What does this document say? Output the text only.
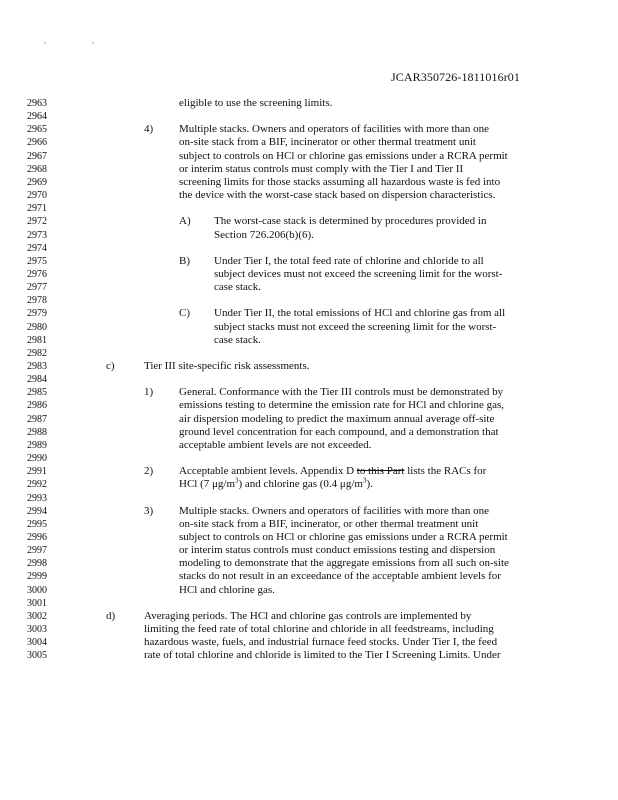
, ,
JCAR350726-1811016r01
2963	eligible to use the screening limits.
2964
2965	4) Multiple stacks. Owners and operators of facilities with more than one
2966	on-site stack from a BIF, incinerator or other thermal treatment unit
2967	subject to controls on HCl or chlorine gas emissions under a RCRA permit
2968	or interim status controls must comply with the Tier I and Tier II
2969	screening limits for those stacks assuming all hazardous waste is fed into
2970	the device with the worst-case stack based on dispersion characteristics.
2971
2972	A) The worst-case stack is determined by procedures provided in
2973	Section 726.206(b)(6).
2974
2975	B) Under Tier I, the total feed rate of chlorine and chloride to all
2976	subject devices must not exceed the screening limit for the worst-
2977	case stack.
2978
2979	C) Under Tier II, the total emissions of HCl and chlorine gas from all
2980	subject stacks must not exceed the screening limit for the worst-
2981	case stack.
2982
2983	c)	Tier III site-specific risk assessments.
2984
2985	1) General. Conformance with the Tier III controls must be demonstrated by
2986	emissions testing to determine the emission rate for HCl and chlorine gas,
2987	air dispersion modeling to predict the maximum annual average off-site
2988	ground level concentration for each compound, and a demonstration that
2989	acceptable ambient levels are not exceeded.
2990
2991	2) Acceptable ambient levels. Appendix D to this Part lists the RACs for
2992	HCl (7 $\mu g/m^3$) and chlorine gas (0.4 $\mu g/m^3$).
2993
2994	3) Multiple stacks. Owners and operators of facilities with more than one
2995	on-site stack from a BIF, incinerator, or other thermal treatment unit
2996	subject to controls on HCl or chlorine gas emissions under a RCRA permit
2997	or interim status controls must conduct emissions testing and dispersion
2998	modeling to demonstrate that the aggregate emissions from all such on-site
2999	stacks do not result in an exceedance of the acceptable ambient levels for
3000	HCl and chlorine gas.
3001
3002	d)	Averaging periods. The HCl and chlorine gas controls are implemented by
3003	limiting the feed rate of total chlorine and chloride in all feedstreams, including
3004	hazardous waste, fuels, and industrial furnace feed stocks. Under Tier I, the feed
3005	rate of total chlorine and chloride is limited to the Tier I Screening Limits. Under
